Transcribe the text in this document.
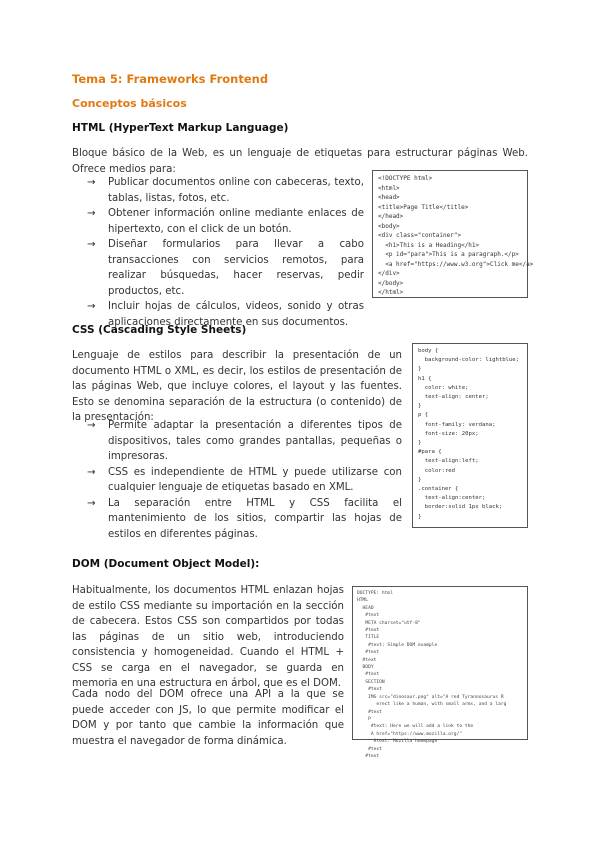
Tema 5: Frameworks Frontend
Conceptos básicos
HTML (HyperText Markup Language)
Bloque básico de la Web, es un lenguaje de etiquetas para estructurar páginas Web. Ofrece medios para:
→ Publicar documentos online con cabeceras, texto, tablas, listas, fotos, etc.
→ Obtener información online mediante enlaces de hipertexto, con el click de un botón.
→ Diseñar formularios para llevar a cabo transacciones con servicios remotos, para realizar búsquedas, hacer reservas, pedir productos, etc.
→ Incluir hojas de cálculos, videos, sonido y otras aplicaciones directamente en sus documentos.
<!DOCTYPE html>
<html>
<head>
<title>Page Title</title>
</head>
<body>
<div class="container">
<h1>This is a Heading</h1>
<p id="para">This is a paragraph.</p>
<a href="https://www.w3.org">Click me</a>
</div>
</body>
</html>
CSS (Cascading Style Sheets)
Lenguaje de estilos para describir la presentación de un documento HTML o XML, es decir, los estilos de presentación de las páginas Web, que incluye colores, el layout y las fuentes. Esto se denomina separación de la estructura (o contenido) de la presentación:
→ Permite adaptar la presentación a diferentes tipos de dispositivos, tales como grandes pantallas, pequeñas o impresoras.
→ CSS es independiente de HTML y puede utilizarse con cualquier lenguaje de etiquetas basado en XML.
→ La separación entre HTML y CSS facilita el mantenimiento de los sitios, compartir las hojas de estilos en diferentes páginas.
body {
background-color: lightblue;
}
h1 {
color: white;
text-align: center;
}
p {
font-family: verdana;
font-size: 20px;
}
#para {
text-align:left;
color:red
}
.container {
text-align:center;
border:solid 1px black;
}
DOM (Document Object Model):
Habitualmente, los documentos HTML enlazan hojas de estilo CSS mediante su importación en la sección de cabecera. Estos CSS son compartidos por todas las páginas de un sitio web, introduciendo consistencia y homogeneidad. Cuando el HTML + CSS se carga en el navegador, se guarda en memoria en una estructura en árbol, que es el DOM.
Cada nodo del DOM ofrece una API a la que se puede acceder con JS, lo que permite modificar el DOM y por tanto que cambie la información que muestra el navegador de forma dinámica.
DOCTYPE: html
HTML
HEAD
#text
META charset="utf-8"
#text
TITLE
#text: Simple DOM example
#text
#text
BODY
#text
SECTION
#text
IMG src="dinosaur.png" alt="A red Tyrannosaurus R
erect like a human, with small arms, and a larg
#text
P
#text: Here we will add a link to the
A href="https://www.mozilla.org/"
#text: Mozilla homepage
#text
#text
